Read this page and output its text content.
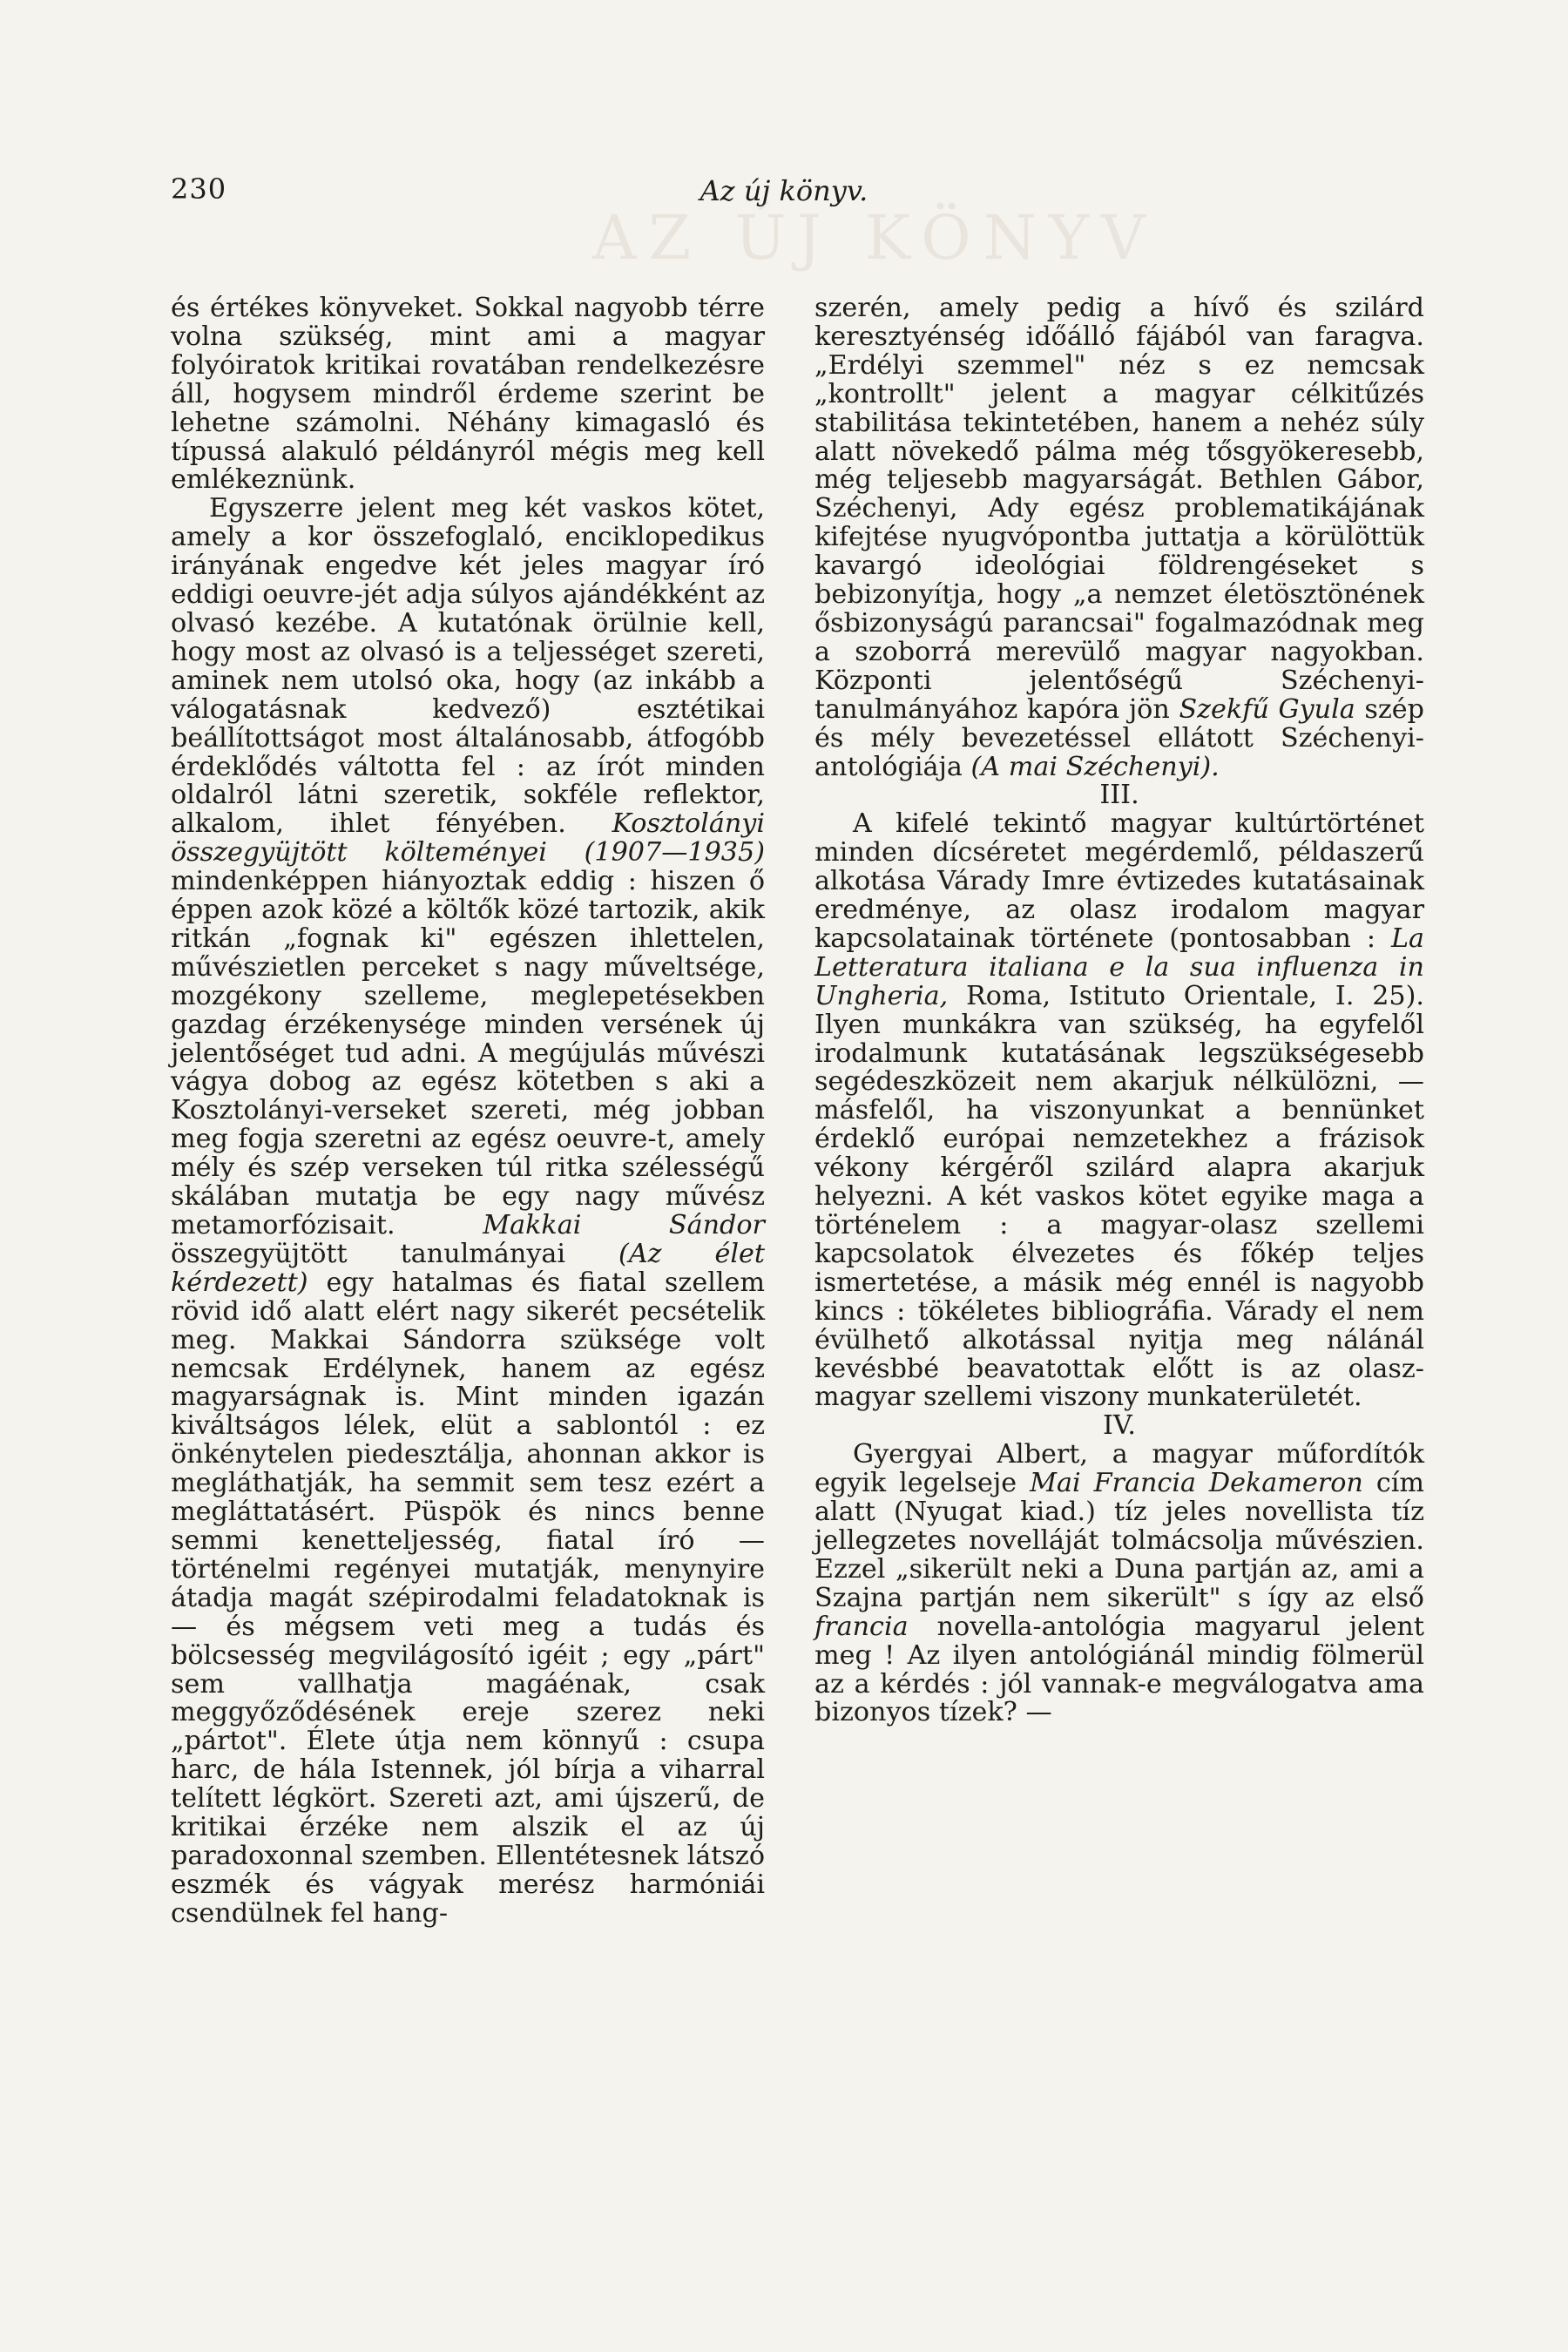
AZ ÚJ KÖNYV
230	Az új könyv.

és értékes könyveket. Sokkal nagyobb térre volna szükség, mint ami a magyar folyóiratok kritikai rovatában rendelkezésre áll, hogysem mindről érdeme szerint be lehetne számolni. Néhány kimagasló és típussá alakuló példányról mégis meg kell emlékeznünk.

Egyszerre jelent meg két vaskos kötet, amely a kor összefoglaló, enciklopedikus irányának engedve két jeles magyar író eddigi oeuvre-jét adja súlyos ajándékként az olvasó kezébe. A kutatónak örülnie kell, hogy most az olvasó is a teljességet szereti, aminek nem utolsó oka, hogy (az inkább a válogatásnak kedvező) esztétikai beállítottságot most általánosabb, átfogóbb érdeklődés váltotta fel : az írót minden oldalról látni szeretik, sokféle reflektor, alkalom, ihlet fényében. Kosztolányi összegyüjtött költeményei (1907—1935) mindenképpen hiányoztak eddig : hiszen ő éppen azok közé a költők közé tartozik, akik ritkán „fognak ki" egészen ihlettelen, művészietlen perceket s nagy műveltsége, mozgékony szelleme, meglepetésekben gazdag érzékenysége minden versének új jelentőséget tud adni. A megújulás művészi vágya dobog az egész kötetben s aki a Kosztolányi-verseket szereti, még jobban meg fogja szeretni az egész oeuvre-t, amely mély és szép verseken túl ritka szélességű skálában mutatja be egy nagy művész metamorfózisait.	Makkai Sándor összegyüjtött tanulmányai (Az élet kérdezett) egy hatalmas és fiatal szellem rövid idő alatt elért nagy sikerét pecsételik meg. Makkai Sándorra szüksége volt nemcsak Erdélynek, hanem az egész magyarságnak is. Mint minden igazán kiváltságos lélek, elüt a sablontól : ez önkénytelen piedesztálja, ahonnan akkor is megláthatják, ha semmit sem tesz ezért a megláttatásért. Püspök és nincs benne semmi kenetteljesség, fiatal író — történelmi regényei mutatják, menynyire átadja magát szépirodalmi feladatoknak is — és mégsem veti meg a tudás és bölcsesség megvilágosító igéit ; egy „párt" sem vallhatja magáénak, csak meggyőződésének ereje szerez neki „pártot". Élete útja nem könnyű : csupa harc, de hála Istennek, jól bírja a viharral telített légkört. Szereti azt, ami újszerű, de kritikai érzéke nem alszik el az új paradoxonnal szemben. Ellentétesnek látszó eszmék és vágyak merész harmóniái csendülnek fel hang-

szerén, amely pedig a hívő és szilárd keresztyénség időálló fájából van faragva. „Erdélyi szemmel" néz s ez nemcsak „kontrollt" jelent a magyar célkitűzés stabilitása tekintetében, hanem a nehéz súly alatt növekedő pálma még tősgyökeresebb, még teljesebb magyarságát. Bethlen Gábor, Széchenyi, Ady egész problematikájának kifejtése nyugvópontba juttatja a körülöttük kavargó ideológiai földrengéseket s bebizonyítja, hogy „a nemzet életösztönének ősbizonyságú parancsai" fogalmazódnak meg a szoborrá merevülő magyar nagyokban. Központi jelentőségű Széchenyi-tanulmányához kapóra jön Szekfű Gyula szép és mély bevezetéssel ellátott Széchenyi-antológiája (A mai Széchenyi).

III.

A kifelé tekintő magyar kultúrtörténet minden dícséretet megérdemlő, példaszerű alkotása Várady Imre évtizedes kutatásainak eredménye, az olasz irodalom magyar kapcsolatainak története (pontosabban : La Letteratura italiana e la sua influenza in Ungheria, Roma, Istituto Orientale, I. 25). Ilyen munkákra van szükség, ha egyfelől irodalmunk kutatásának legszükségesebb segédeszközeit nem akarjuk nélkülözni, — másfelől, ha viszonyunkat a bennünket érdeklő európai nemzetekhez a frázisok vékony kérgéről szilárd alapra akarjuk helyezni. A két vaskos kötet egyike maga a történelem : a magyar-olasz szellemi kapcsolatok élvezetes és főkép teljes ismertetése, a másik még ennél is nagyobb kincs : tökéletes bibliográfia. Várady el nem évülhető alkotással nyitja meg nálánál kevésbbé beavatottak előtt is az olasz-magyar szellemi viszony munkaterületét.

IV.

Gyergyai Albert, a magyar műfordítók egyik legelseje Mai Francia Dekameron cím alatt (Nyugat kiad.) tíz jeles novellista tíz jellegzetes novelláját tolmácsolja művészien. Ezzel „sikerült neki a Duna partján az, ami a Szajna partján nem sikerült" s így az első francia novella-antológia magyarul jelent meg ! Az ilyen antológiánál mindig fölmerül az a kérdés : jól vannak-e megválogatva ama bizonyos tízek? —
